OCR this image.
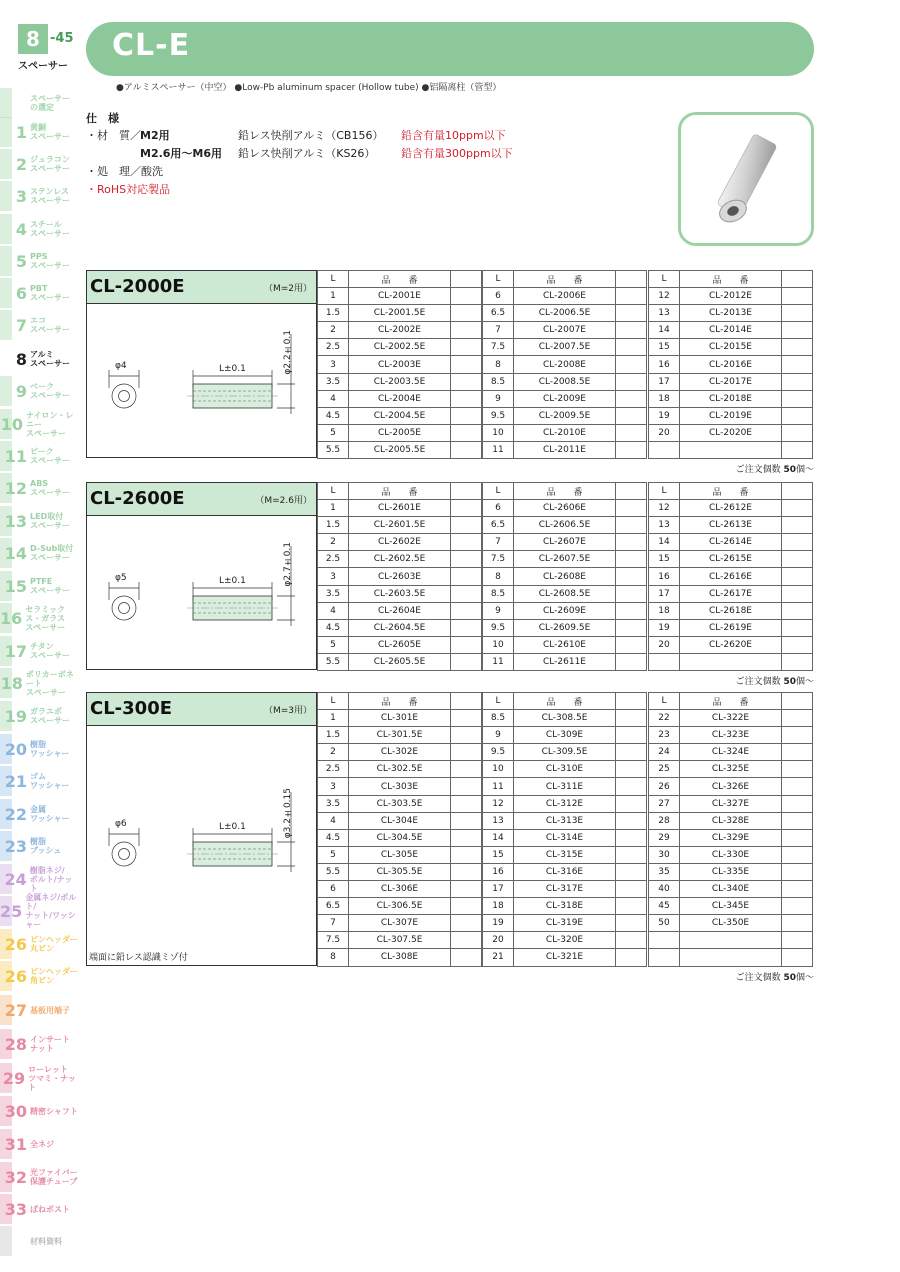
8 -45
スペーサー
スペーサー
の選定
1 黄銅
スペーサー
2 ジュラコン
スペーサー
3 ステンレス
スペーサー
4 スチール
スペーサー
5 PPS
スペーサー
6 PBT
スペーサー
7 エコ
スペーサー
8 アルミ
スペーサー
9 ベーク
スペーサー
10 ナイロン・レニー
スペーサー
11 ピーク
スペーサー
12 ABS
スペーサー
13 LED取付
スペーサー
14 D-Sub取付
スペーサー
15 PTFE
スペーサー
16 セラミックス・ガラス
スペーサー
17 チタン
スペーサー
18 ポリカーボネート
スペーサー
19 ガラエポ
スペーサー
20 樹脂
ワッシャー
21 ゴム
ワッシャー
22 金属
ワッシャー
23 樹脂
ブッシュ
24 樹脂ネジ/
ボルト/ナット
25
金属ネジ/ボルト/
ナット/ワッシャー
26 ピンヘッダー
丸ピン
26 ピンヘッダー
角ピン
27 基板用端子
28 インサート
ナット
29 ローレット
ツマミ・ナット
30 精密シャフト
31 全ネジ
32 光ファイバー
保護チューブ
33 ばねポスト
材料資料
CL-E
●アルミスペーサー（中空） ●Low-Pb aluminum spacer (Hollow tube) ●铝隔离柱（管型）
仕　様
・材　質／ M2用	鉛レス快削アルミ（CB156） 鉛含有量10ppm以下
M2.6用〜M6用 鉛レス快削アルミ（KS26） 鉛含有量300ppm以下
・処　理／酸洗
・RoHS対応製品
CL-2000E	（M=2用）
φ4	L±0.1	φ2.2±0.1
L	品　　番	
1	CL-2001E	
1.5	CL-2001.5E	
2	CL-2002E	
2.5	CL-2002.5E	
3	CL-2003E	
3.5	CL-2003.5E	
4	CL-2004E	
4.5	CL-2004.5E	
5	CL-2005E	
5.5	CL-2005.5E	
L	品　　番	
6	CL-2006E	
6.5	CL-2006.5E	
7	CL-2007E	
7.5	CL-2007.5E	
8	CL-2008E	
8.5	CL-2008.5E	
9	CL-2009E	
9.5	CL-2009.5E	
10	CL-2010E	
11	CL-2011E	
L	品　　番	
12	CL-2012E	
13	CL-2013E	
14	CL-2014E	
15	CL-2015E	
16	CL-2016E	
17	CL-2017E	
18	CL-2018E	
19	CL-2019E	
20	CL-2020E	

ご注文個数 50個〜
CL-2600E	（M=2.6用）
φ5	L±0.1	φ2.7±0.1
L	品　　番	
1	CL-2601E	
1.5	CL-2601.5E	
2	CL-2602E	
2.5	CL-2602.5E	
3	CL-2603E	
3.5	CL-2603.5E	
4	CL-2604E	
4.5	CL-2604.5E	
5	CL-2605E	
5.5	CL-2605.5E	
L	品　　番	
6	CL-2606E	
6.5	CL-2606.5E	
7	CL-2607E	
7.5	CL-2607.5E	
8	CL-2608E	
8.5	CL-2608.5E	
9	CL-2609E	
9.5	CL-2609.5E	
10	CL-2610E	
11	CL-2611E	
L	品　　番	
12	CL-2612E	
13	CL-2613E	
14	CL-2614E	
15	CL-2615E	
16	CL-2616E	
17	CL-2617E	
18	CL-2618E	
19	CL-2619E	
20	CL-2620E	

ご注文個数 50個〜
CL-300E	（M=3用）
φ6	L±0.1	φ3.2±0.15
端面に鉛レス認識ミゾ付
L	品　　番	
1	CL-301E	
1.5	CL-301.5E	
2	CL-302E	
2.5	CL-302.5E	
3	CL-303E	
3.5	CL-303.5E	
4	CL-304E	
4.5	CL-304.5E	
5	CL-305E	
5.5	CL-305.5E	
6	CL-306E	
6.5	CL-306.5E	
7	CL-307E	
7.5	CL-307.5E	
8	CL-308E	
L	品　　番	
8.5	CL-308.5E	
9	CL-309E	
9.5	CL-309.5E	
10	CL-310E	
11	CL-311E	
12	CL-312E	
13	CL-313E	
14	CL-314E	
15	CL-315E	
16	CL-316E	
17	CL-317E	
18	CL-318E	
19	CL-319E	
20	CL-320E	
21	CL-321E	
L	品　　番	
22	CL-322E	
23	CL-323E	
24	CL-324E	
25	CL-325E	
26	CL-326E	
27	CL-327E	
28	CL-328E	
29	CL-329E	
30	CL-330E	
35	CL-335E	
40	CL-340E	
45	CL-345E	
50	CL-350E	

ご注文個数 50個〜
